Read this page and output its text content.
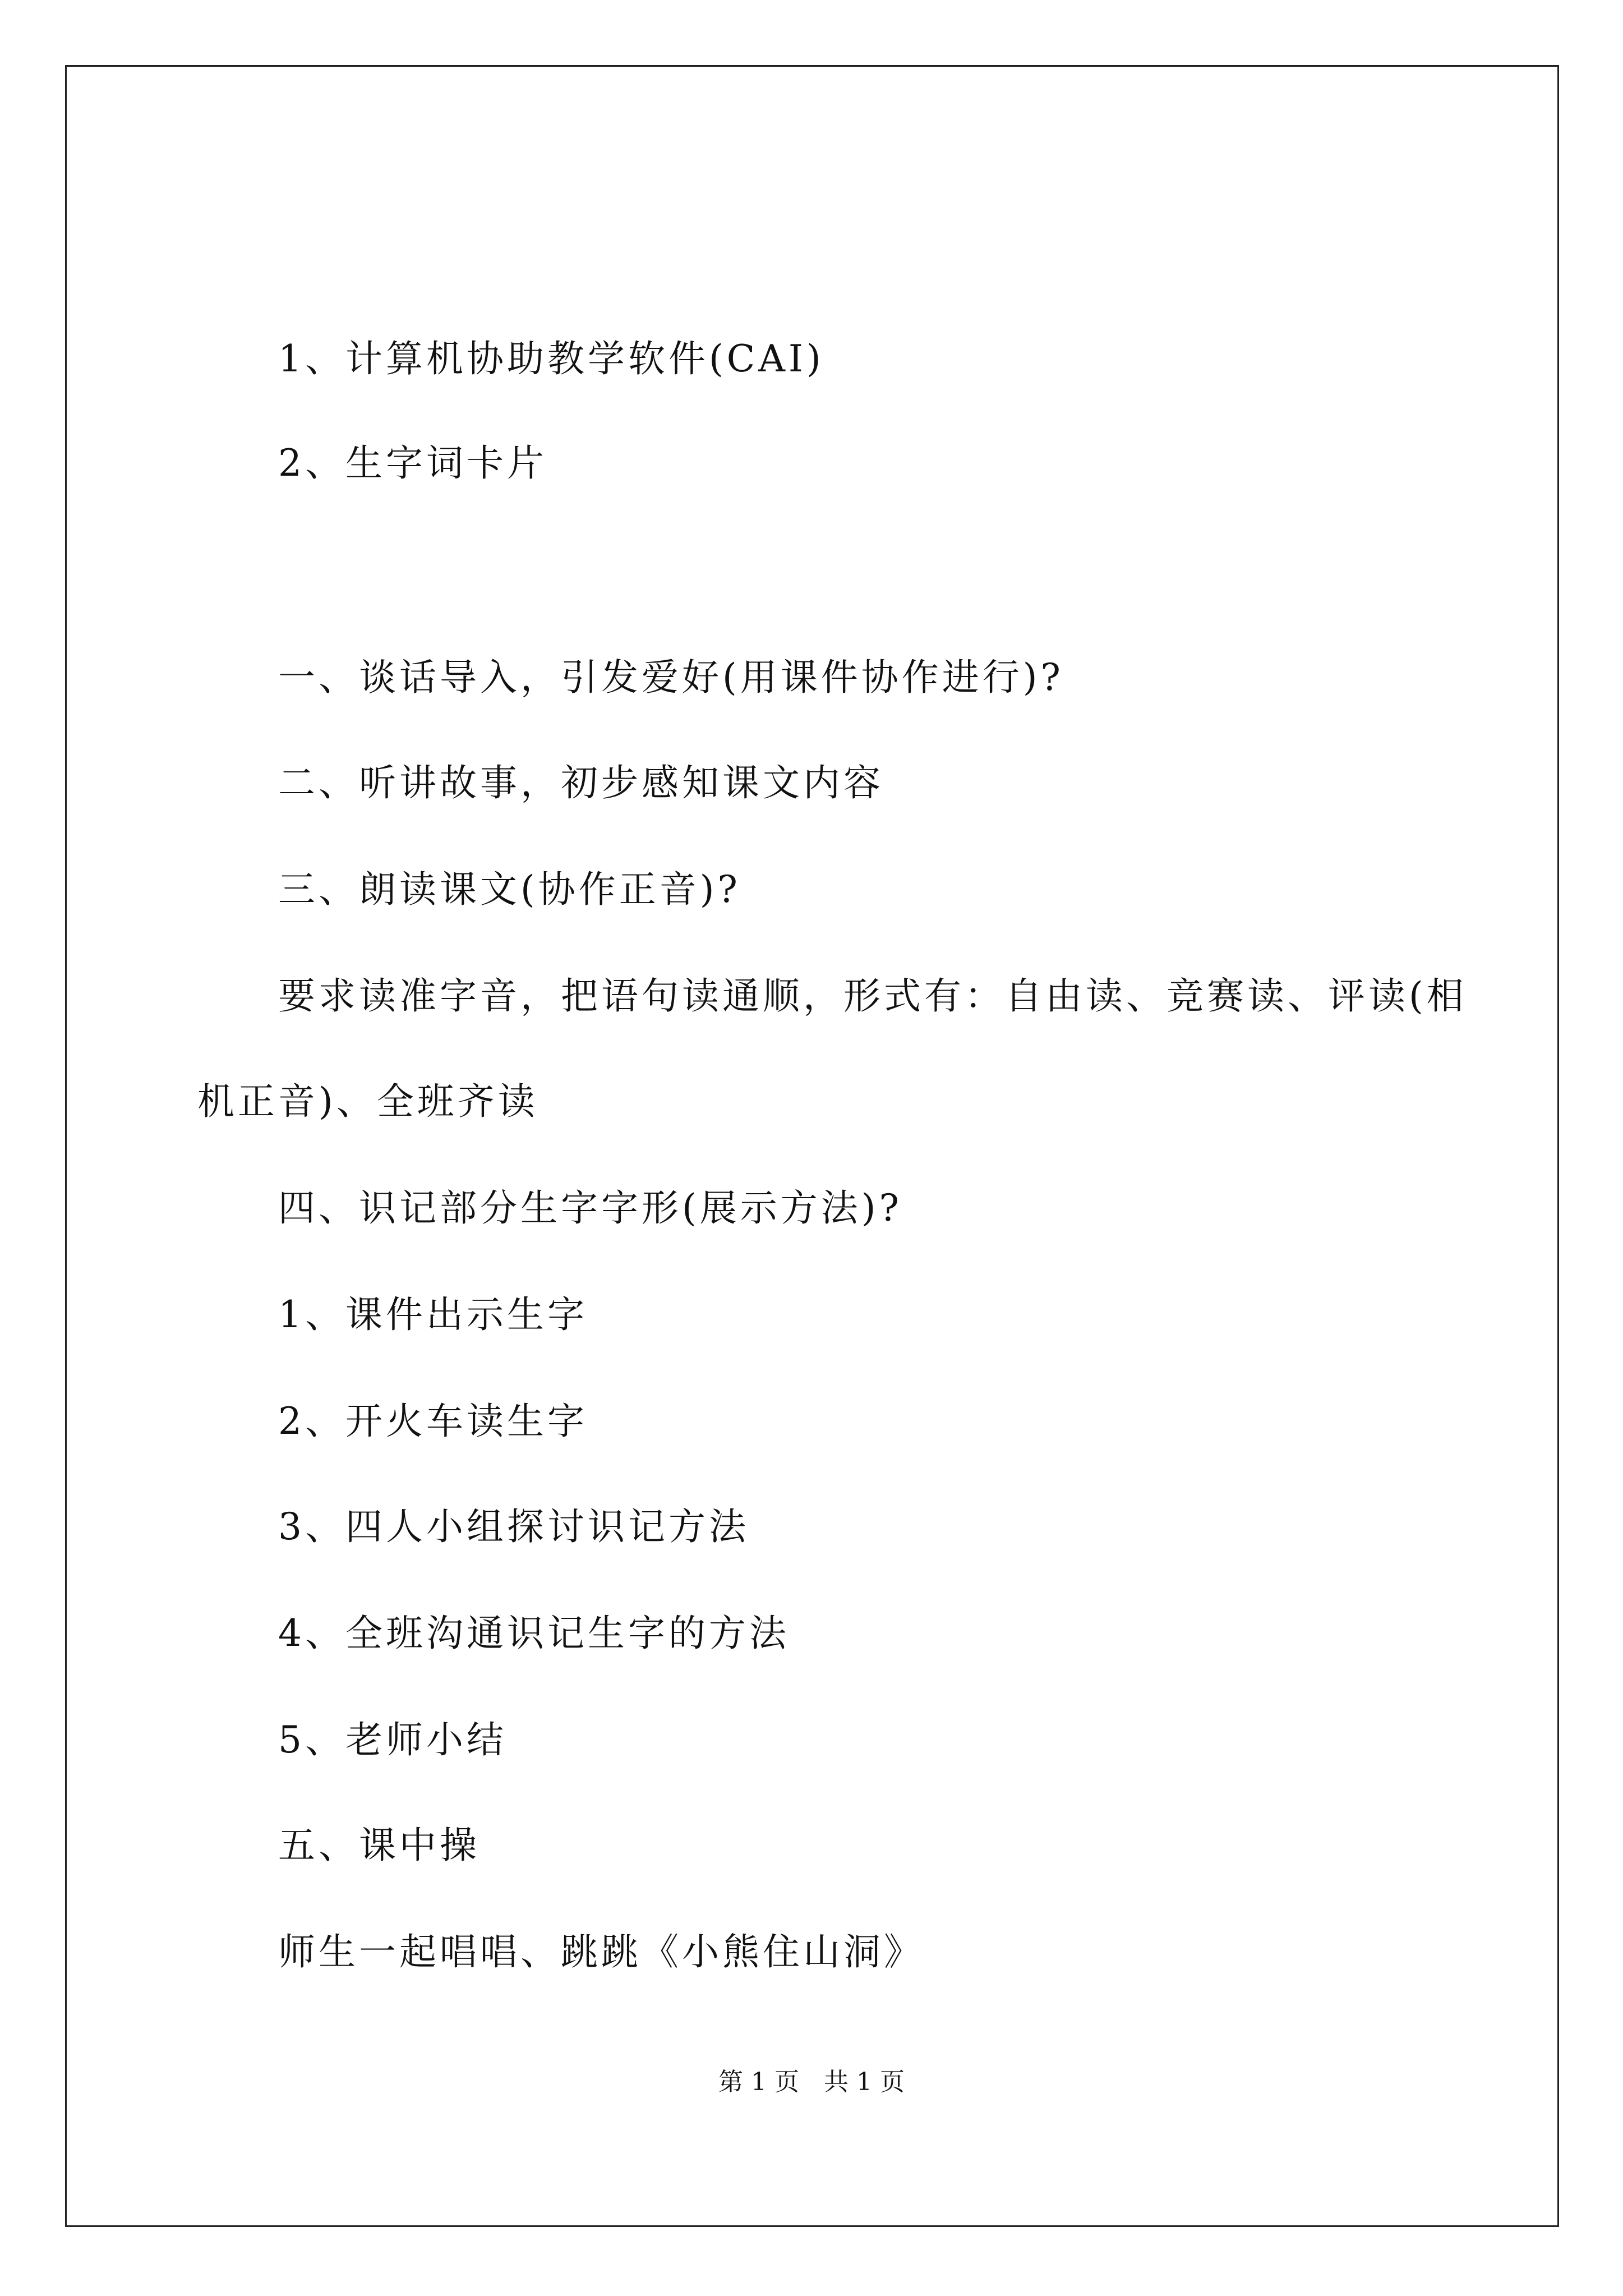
1、计算机协助教学软件(CAI)
2、生字词卡片
一、谈话导入，引发爱好(用课件协作进行)?
二、听讲故事，初步感知课文内容
三、朗读课文(协作正音)?
要求读准字音，把语句读通顺，形式有：自由读、竞赛读、评读(相
机正音)、全班齐读
四、识记部分生字字形(展示方法)?
1、课件出示生字
2、开火车读生字
3、四人小组探讨识记方法
4、全班沟通识记生字的方法
5、老师小结
五、课中操
师生一起唱唱、跳跳《小熊住山洞》
第 1 页　共 1 页
